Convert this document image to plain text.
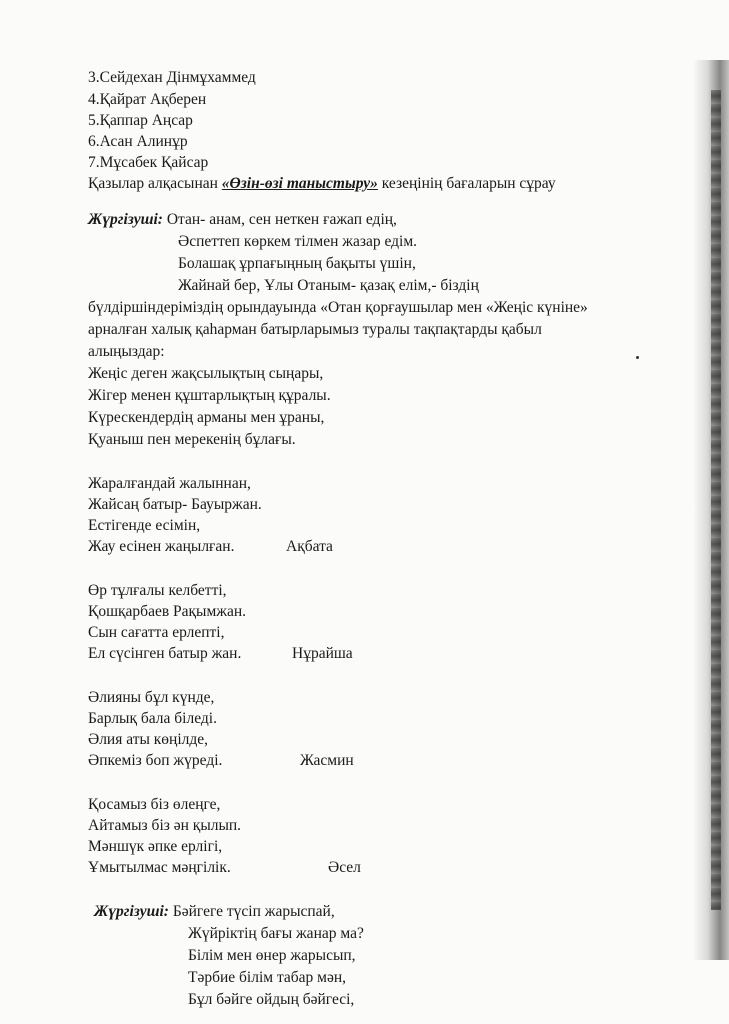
3.Сейдехан Дінмұхаммед
4.Қайрат Ақберен
5.Қаппар Аңсар
6.Асан Алинұр
7.Мұсабек Қайсар
Қазылар алқасынан «Өзін-өзі таныстыру» кезеңінің бағаларын сұрау
Жүргізуші: Отан- анам, сен неткен ғажап едің,
Әспеттеп көркем тілмен жазар едім.
Болашақ ұрпағыңның бақыты үшін,
Жайнай бер, Ұлы Отаным- қазақ елім,- біздің
бүлдіршіндеріміздің орындауында «Отан қорғаушылар мен «Жеңіс күніне»
арналған халық қаһарман батырларымыз туралы тақпақтарды қабыл
алыңыздар:
Жеңіс деген жақсылықтың сыңары,
Жігер менен құштарлықтың құралы.
Күрескендердің арманы мен ұраны,
Қуаныш пен мерекенің бұлағы.
Жаралғандай жалыннан,
Жайсаң батыр- Бауыржан.
Естігенде есімін,
Жау есінен жаңылған.	Ақбата
Өр тұлғалы келбетті,
Қошқарбаев Рақымжан.
Сын сағатта ерлепті,
Ел сүсінген батыр жан.	Нұрайша
Әлияны бұл күнде,
Барлық бала біледі.
Әлия аты көңілде,
Әпкеміз боп жүреді.	Жасмин
Қосамыз біз өлеңге,
Айтамыз біз ән қылып.
Мәншүк әпке ерлігі,
Ұмытылмас мәңгілік.	Әсел
Жүргізуші: Бәйгеге түсіп жарыспай,
Жүйріктің бағы жанар ма?
Білім мен өнер жарысып,
Тәрбие білім табар мән,
Бұл бәйге ойдың бәйгесі,
